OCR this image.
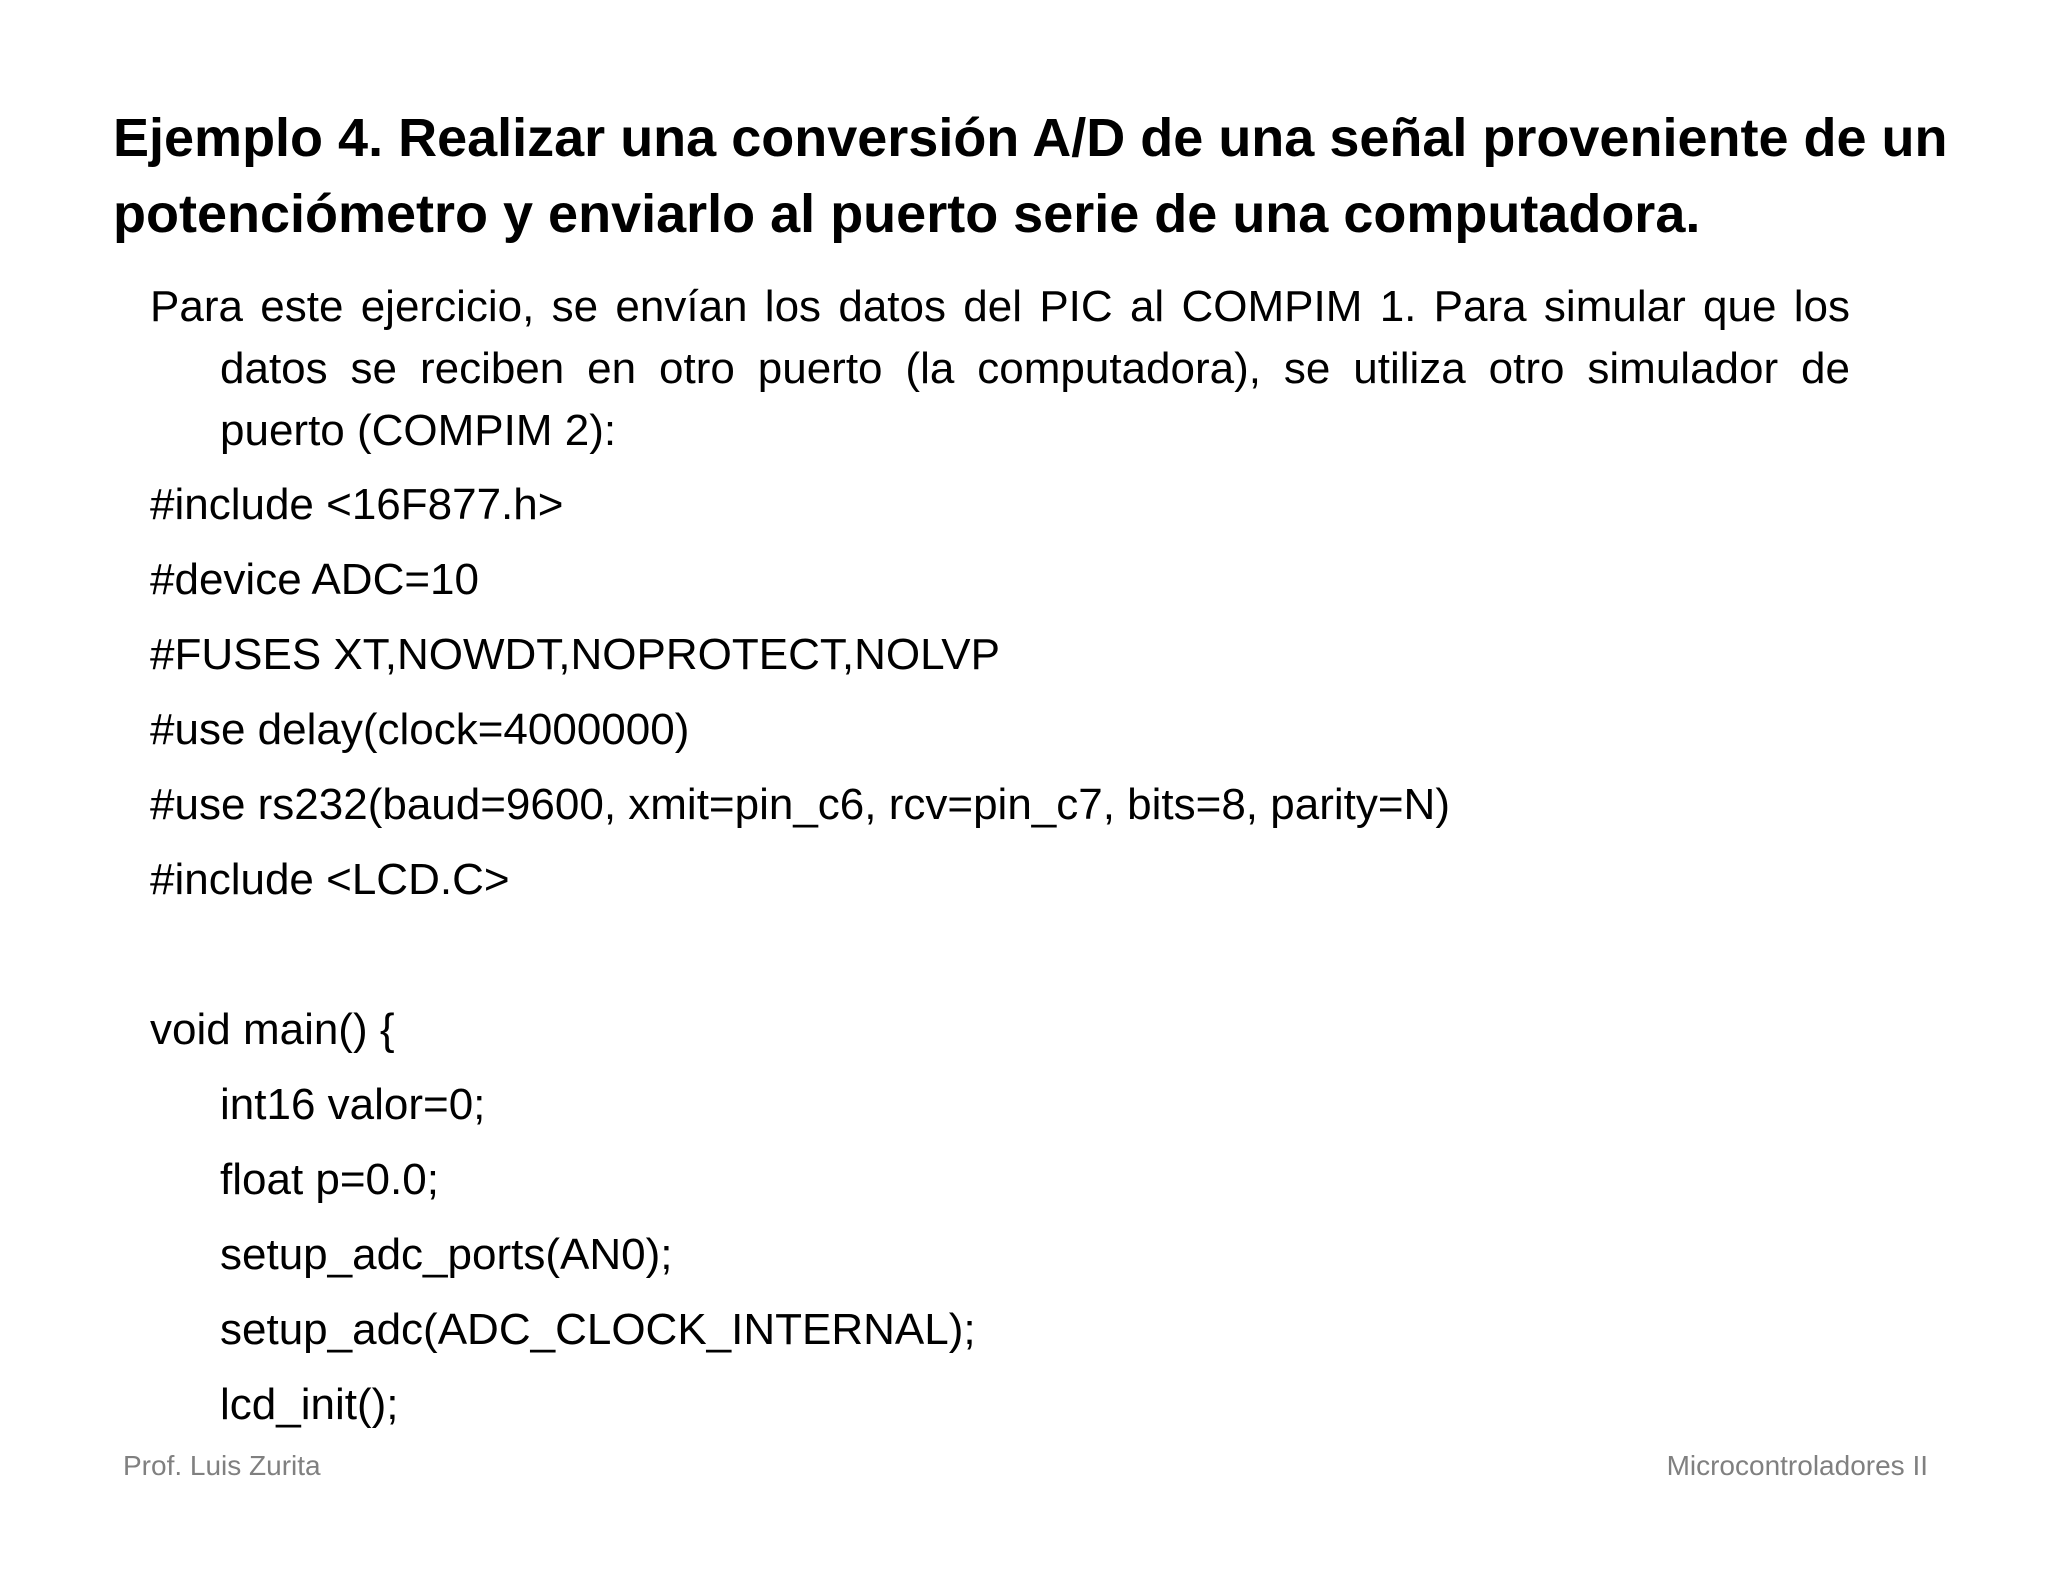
Ejemplo 4. Realizar una conversión A/D de una señal proveniente de un potenciómetro y enviarlo al puerto serie de una computadora.

Para este ejercicio, se envían los datos del PIC al COMPIM 1. Para simular que los datos se reciben en otro puerto (la computadora), se utiliza otro simulador de puerto (COMPIM 2):

#include <16F877.h>
#device ADC=10
#FUSES XT,NOWDT,NOPROTECT,NOLVP
#use delay(clock=4000000)
#use rs232(baud=9600, xmit=pin_c6, rcv=pin_c7, bits=8, parity=N)
#include <LCD.C>
void main() {
int16 valor=0;
float p=0.0;
setup_adc_ports(AN0);
setup_adc(ADC_CLOCK_INTERNAL);
lcd_init();
Prof. Luis Zurita	Microcontroladores II
